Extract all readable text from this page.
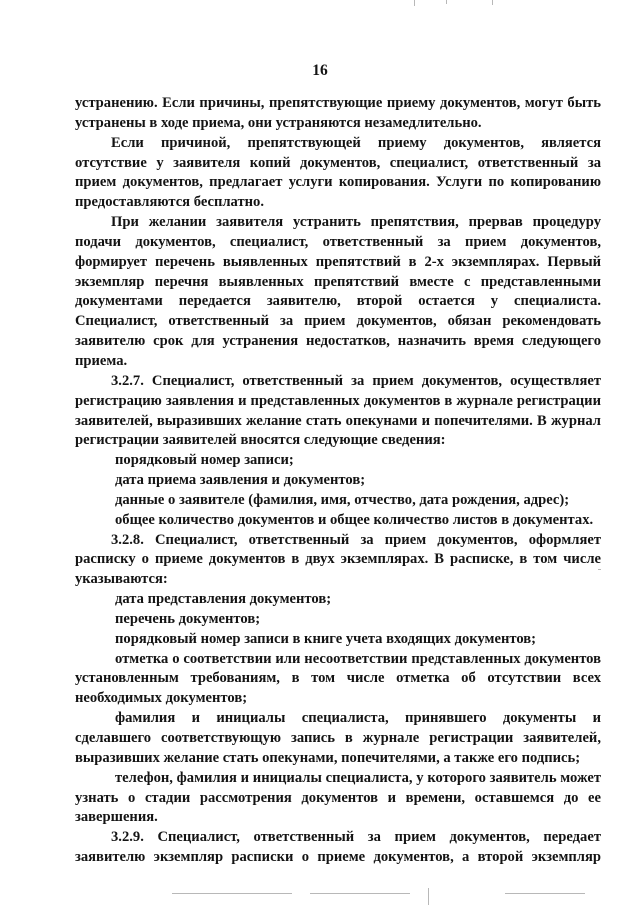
16

устранению. Если причины, препятствующие приему документов, могут быть устранены в ходе приема, они устраняются незамедлительно.

Если причиной, препятствующей приему документов, является отсутствие у заявителя копий документов, специалист, ответственный за прием документов, предлагает услуги копирования. Услуги по копированию предоставляются бесплатно.

При желании заявителя устранить препятствия, прервав процедуру подачи документов, специалист, ответственный за прием документов, формирует перечень выявленных препятствий в 2-х экземплярах. Первый экземпляр перечня выявленных препятствий вместе с представленными документами передается заявителю, второй остается у специалиста. Специалист, ответственный за прием документов, обязан рекомендовать заявителю срок для устранения недостатков, назначить время следующего приема.

3.2.7. Специалист, ответственный за прием документов, осуществляет регистрацию заявления и представленных документов в журнале регистрации заявителей, выразивших желание стать опекунами и попечителями. В журнал регистрации заявителей вносятся следующие сведения:

порядковый номер записи;

дата приема заявления и документов;

данные о заявителе (фамилия, имя, отчество, дата рождения, адрес);

общее количество документов и общее количество листов в документах.

3.2.8. Специалист, ответственный за прием документов, оформляет расписку о приеме документов в двух экземплярах. В расписке, в том числе указываются:

дата представления документов;

перечень документов;

порядковый номер записи в книге учета входящих документов;

отметка о соответствии или несоответствии представленных документов установленным требованиям, в том числе отметка об отсутствии всех необходимых документов;

фамилия и инициалы специалиста, принявшего документы и сделавшего соответствующую запись в журнале регистрации заявителей, выразивших желание стать опекунами, попечителями, а также его подпись;

телефон, фамилия и инициалы специалиста, у которого заявитель может узнать о стадии рассмотрения документов и времени, оставшемся до ее завершения.

3.2.9. Специалист, ответственный за прием документов, передает заявителю экземпляр расписки о приеме документов, а второй экземпляр
